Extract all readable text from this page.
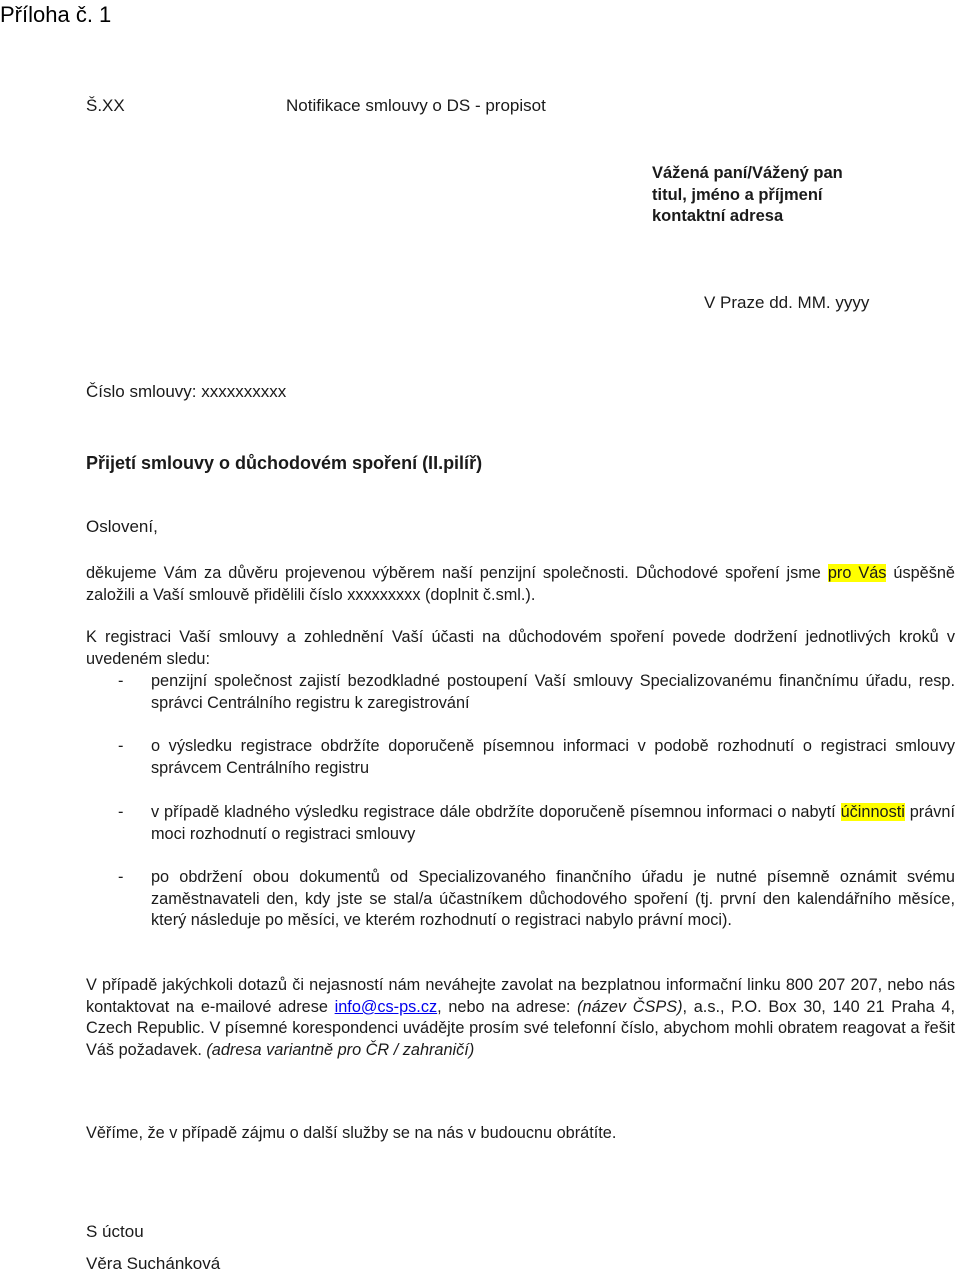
Příloha č. 1
Š.XX	Notifikace smlouvy o DS - propisot
Vážená paní/Vážený pan
titul, jméno a příjmení
kontaktní adresa
V Praze dd. MM. yyyy
Číslo smlouvy: xxxxxxxxxx
Přijetí smlouvy o důchodovém spoření (II.pilíř)
Oslovení,
děkujeme Vám za důvěru projevenou výběrem naší penzijní společnosti. Důchodové spoření jsme pro Vás úspěšně založili a Vaší smlouvě přidělili číslo xxxxxxxxx (doplnit č.sml.).
K registraci Vaší smlouvy a zohlednění Vaší účasti na důchodovém spoření povede dodržení jednotlivých kroků v uvedeném sledu:
-	penzijní společnost zajistí bezodkladné postoupení Vaší smlouvy Specializovanému finančnímu úřadu, resp. správci Centrálního registru k zaregistrování
-	o výsledku registrace obdržíte doporučeně písemnou informaci v podobě rozhodnutí o registraci smlouvy správcem Centrálního registru
-	v případě kladného výsledku registrace dále obdržíte doporučeně písemnou informaci o nabytí účinnosti právní moci rozhodnutí o registraci smlouvy
-	po obdržení obou dokumentů od Specializovaného finančního úřadu je nutné písemně oznámit svému zaměstnavateli den, kdy jste se stal/a účastníkem důchodového spoření (tj. první den kalendářního měsíce, který následuje po měsíci, ve kterém rozhodnutí o registraci nabylo právní moci).
V případě jakýchkoli dotazů či nejasností nám neváhejte zavolat na bezplatnou informační linku 800 207 207, nebo nás kontaktovat na e-mailové adrese info@cs-ps.cz, nebo na adrese: (název ČSPS), a.s., P.O. Box 30, 140 21 Praha 4, Czech Republic. V písemné korespondenci uvádějte prosím své telefonní číslo, abychom mohli obratem reagovat a řešit Váš požadavek. (adresa variantně pro ČR / zahraničí)
Věříme, že v případě zájmu o další služby se na nás v budoucnu obrátíte.
S úctou
Věra Suchánková
